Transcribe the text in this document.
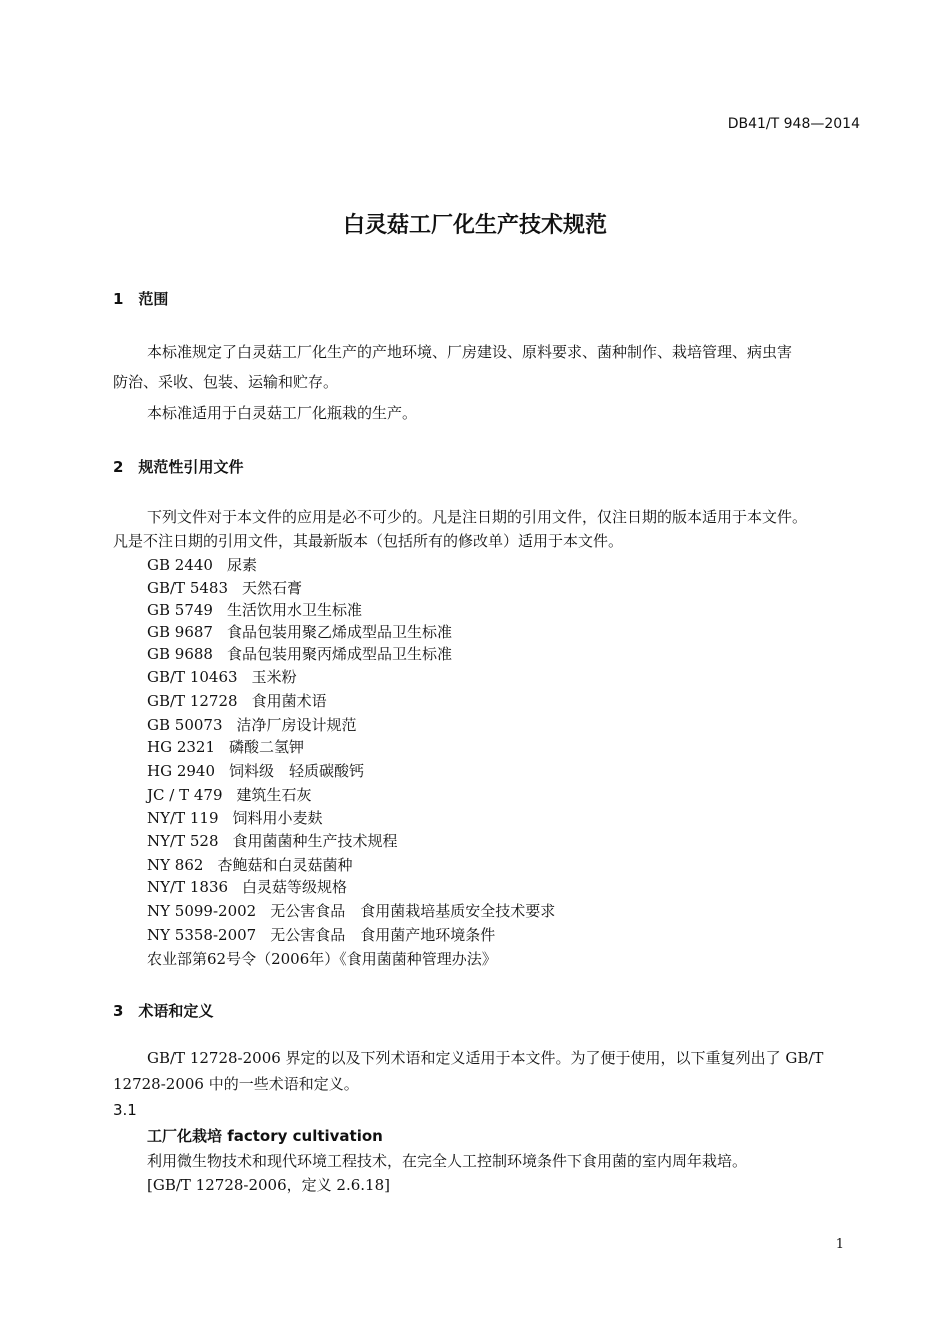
DB41/T 948—2014
白灵菇工厂化生产技术规范
1　范围
本标准规定了白灵菇工厂化生产的产地环境、厂房建设、原料要求、菌种制作、栽培管理、病虫害
防治、采收、包装、运输和贮存。
本标准适用于白灵菇工厂化瓶栽的生产。
2　规范性引用文件
下列文件对于本文件的应用是必不可少的。凡是注日期的引用文件，仅注日期的版本适用于本文件。
凡是不注日期的引用文件，其最新版本（包括所有的修改单）适用于本文件。
GB 2440 尿素
GB/T 5483 天然石膏
GB 5749 生活饮用水卫生标准
GB 9687 食品包装用聚乙烯成型品卫生标准
GB 9688 食品包装用聚丙烯成型品卫生标准
GB/T 10463 玉米粉
GB/T 12728 食用菌术语
GB 50073 洁净厂房设计规范
HG 2321 磷酸二氢钾
HG 2940 饲料级　轻质碳酸钙
JC / T 479 建筑生石灰
NY/T 119 饲料用小麦麸
NY/T 528 食用菌菌种生产技术规程
NY 862 杏鲍菇和白灵菇菌种
NY/T 1836 白灵菇等级规格
NY 5099-2002 无公害食品　食用菌栽培基质安全技术要求
NY 5358-2007 无公害食品　食用菌产地环境条件
农业部第62号令（2006年）《食用菌菌种管理办法》
3　术语和定义
GB/T 12728-2006 界定的以及下列术语和定义适用于本文件。为了便于使用，以下重复列出了 GB/T
12728-2006 中的一些术语和定义。
3.1
工厂化栽培 factory cultivation
利用微生物技术和现代环境工程技术，在完全人工控制环境条件下食用菌的室内周年栽培。
[GB/T 12728-2006，定义 2.6.18]
1
